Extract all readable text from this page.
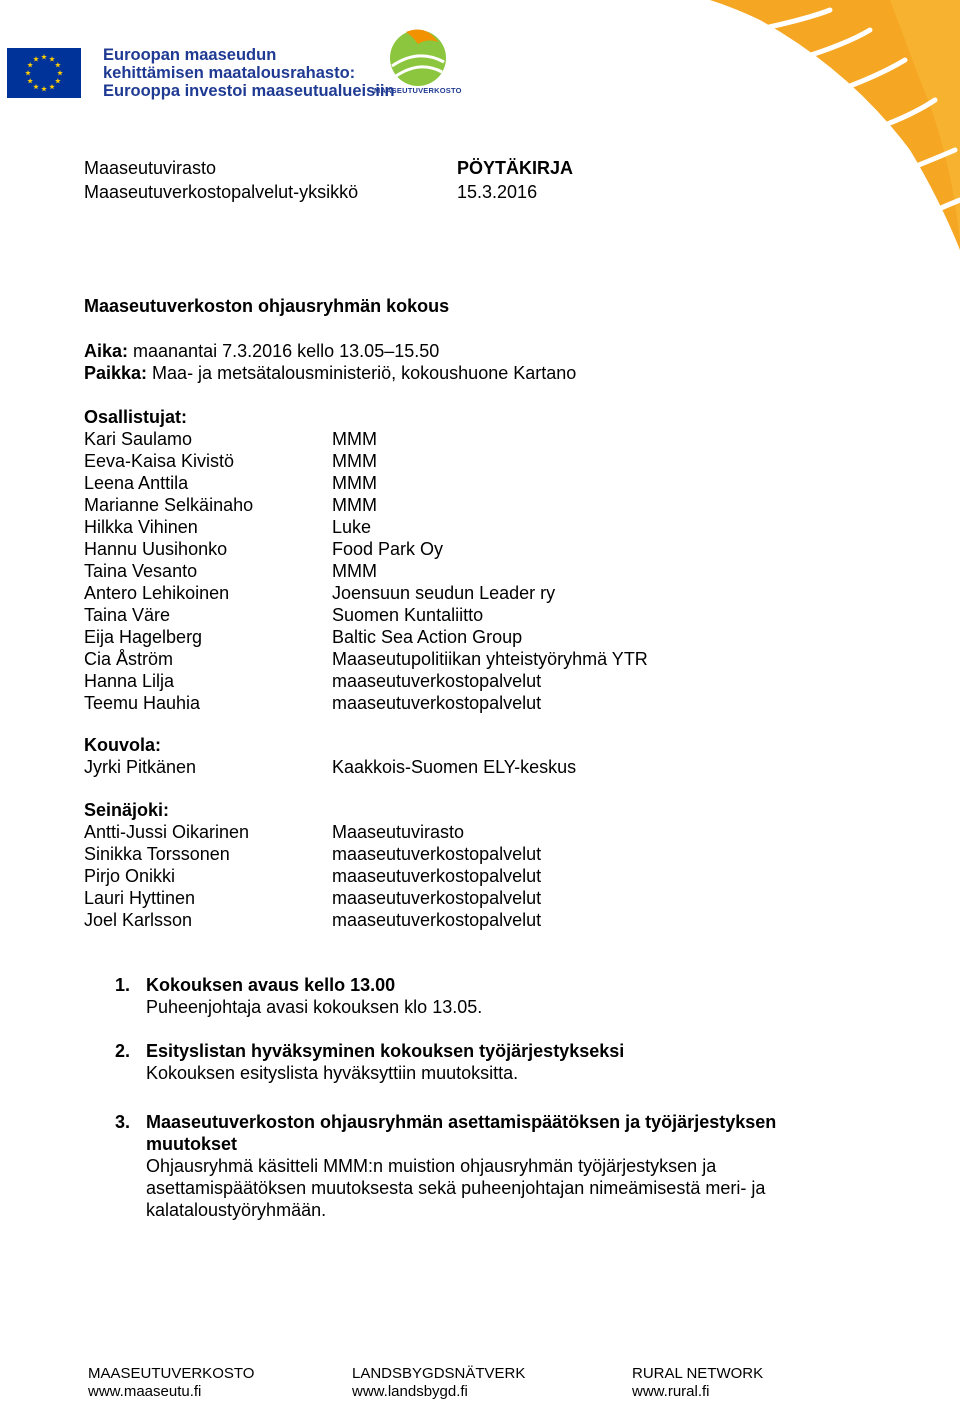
Euroopan maaseudun
kehittämisen maatalousrahasto:
Eurooppa investoi maaseutualueisiin
MAASEUTUVERKOSTO
Maaseutuvirasto
Maaseutuverkostopalvelut-yksikkö
PÖYTÄKIRJA
15.3.2016
Maaseutuverkoston ohjausryhmän kokous
Aika: maanantai 7.3.2016 kello 13.05–15.50
Paikka: Maa- ja metsätalousministeriö, kokoushuone Kartano
Osallistujat:
Kari Saulamo
Eeva-Kaisa Kivistö
Leena Anttila
Marianne Selkäinaho
Hilkka Vihinen
Hannu Uusihonko
Taina Vesanto
Antero Lehikoinen
Taina Väre
Eija Hagelberg
Cia Åström
Hanna Lilja
Teemu Hauhia
MMM
MMM
MMM
MMM
Luke
Food Park Oy
MMM
Joensuun seudun Leader ry
Suomen Kuntaliitto
Baltic Sea Action Group
Maaseutupolitiikan yhteistyöryhmä YTR
maaseutuverkostopalvelut
maaseutuverkostopalvelut
Kouvola:
Jyrki Pitkänen	Kaakkois-Suomen ELY-keskus
Seinäjoki:
Antti-Jussi Oikarinen
Sinikka Torssonen
Pirjo Onikki
Lauri Hyttinen
Joel Karlsson
Maaseutuvirasto
maaseutuverkostopalvelut
maaseutuverkostopalvelut
maaseutuverkostopalvelut
maaseutuverkostopalvelut
1. Kokouksen avaus kello 13.00
Puheenjohtaja avasi kokouksen klo 13.05.
2. Esityslistan hyväksyminen kokouksen työjärjestykseksi
Kokouksen esityslista hyväksyttiin muutoksitta.
3. Maaseutuverkoston ohjausryhmän asettamispäätöksen ja työjärjestyksen
muutokset
Ohjausryhmä käsitteli MMM:n muistion ohjausryhmän työjärjestyksen ja
asettamispäätöksen muutoksesta sekä puheenjohtajan nimeämisestä meri- ja
kalataloustyöryhmään.
MAASEUTUVERKOSTO
www.maaseutu.fi
LANDSBYGDSNÄTVERK
www.landsbygd.fi
RURAL NETWORK
www.rural.fi
